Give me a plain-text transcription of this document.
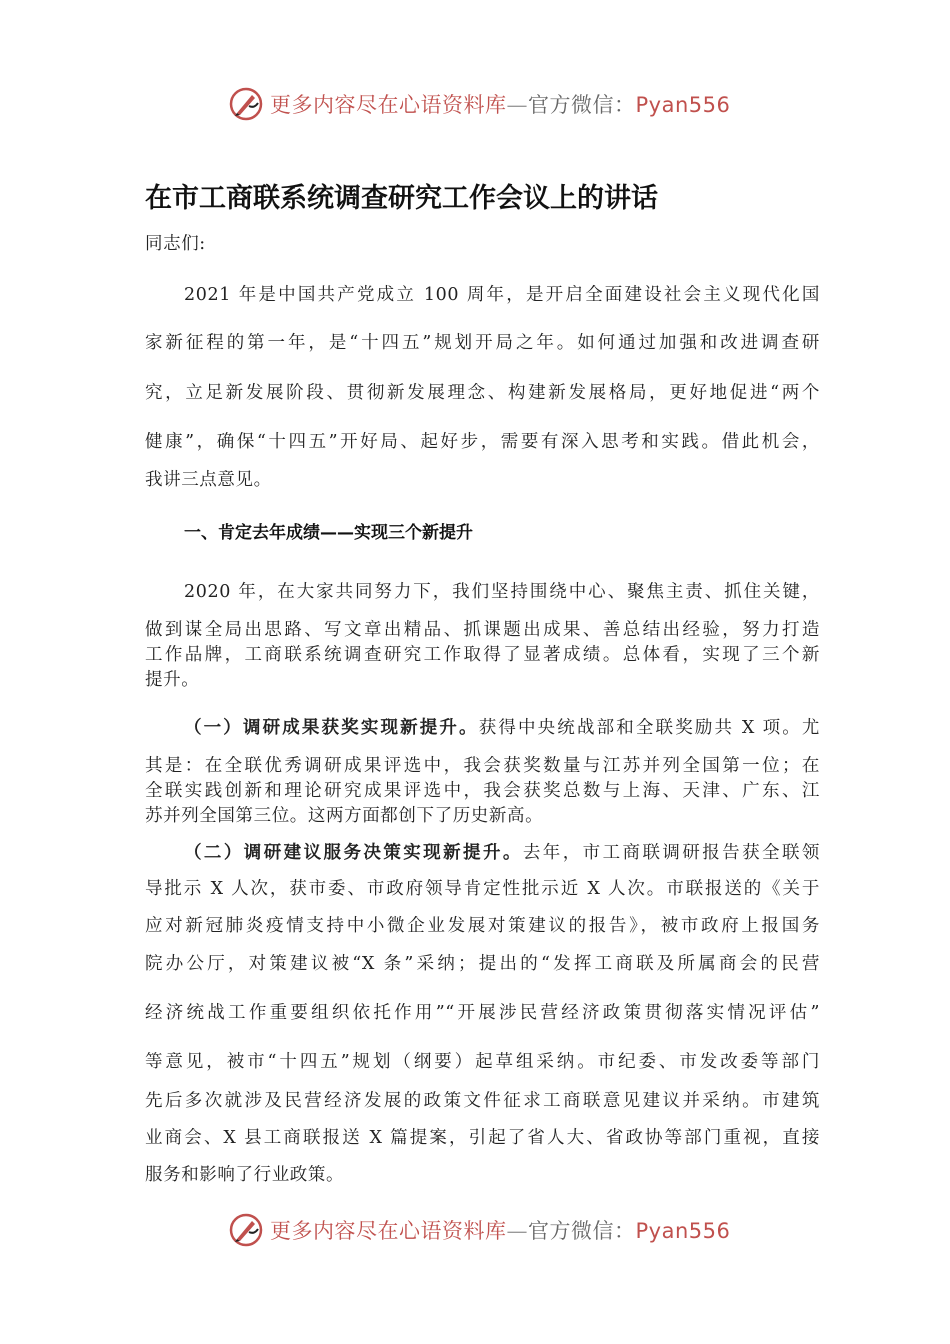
更多内容尽在心语资料库—官方微信：Pyan556
在市工商联系统调查研究工作会议上的讲话
同志们:
2021 年是中国共产党成立 100 周年，是开启全面建设社会主义现代化国
家新征程的第一年，是“十四五”规划开局之年。如何通过加强和改进调查研
究，立足新发展阶段、贯彻新发展理念、构建新发展格局，更好地促进“两个
健康”，确保“十四五”开好局、起好步，需要有深入思考和实践。借此机会，
我讲三点意见。
一、肯定去年成绩——实现三个新提升
2020 年，在大家共同努力下，我们坚持围绕中心、聚焦主责、抓住关键，
做到谋全局出思路、写文章出精品、抓课题出成果、善总结出经验，努力打造
工作品牌，工商联系统调查研究工作取得了显著成绩。总体看，实现了三个新
提升。
（一）调研成果获奖实现新提升。获得中央统战部和全联奖励共 X 项。尤
其是：在全联优秀调研成果评选中，我会获奖数量与江苏并列全国第一位；在
全联实践创新和理论研究成果评选中，我会获奖总数与上海、天津、广东、江
苏并列全国第三位。这两方面都创下了历史新高。
（二）调研建议服务决策实现新提升。去年，市工商联调研报告获全联领
导批示 X 人次，获市委、市政府领导肯定性批示近 X 人次。市联报送的《关于
应对新冠肺炎疫情支持中小微企业发展对策建议的报告》，被市政府上报国务
院办公厅，对策建议被“X 条”采纳；提出的“发挥工商联及所属商会的民营
经济统战工作重要组织依托作用”“开展涉民营经济政策贯彻落实情况评估”
等意见，被市“十四五”规划（纲要）起草组采纳。市纪委、市发改委等部门
先后多次就涉及民营经济发展的政策文件征求工商联意见建议并采纳。市建筑
业商会、X 县工商联报送 X 篇提案，引起了省人大、省政协等部门重视，直接
服务和影响了行业政策。
更多内容尽在心语资料库—官方微信：Pyan556
